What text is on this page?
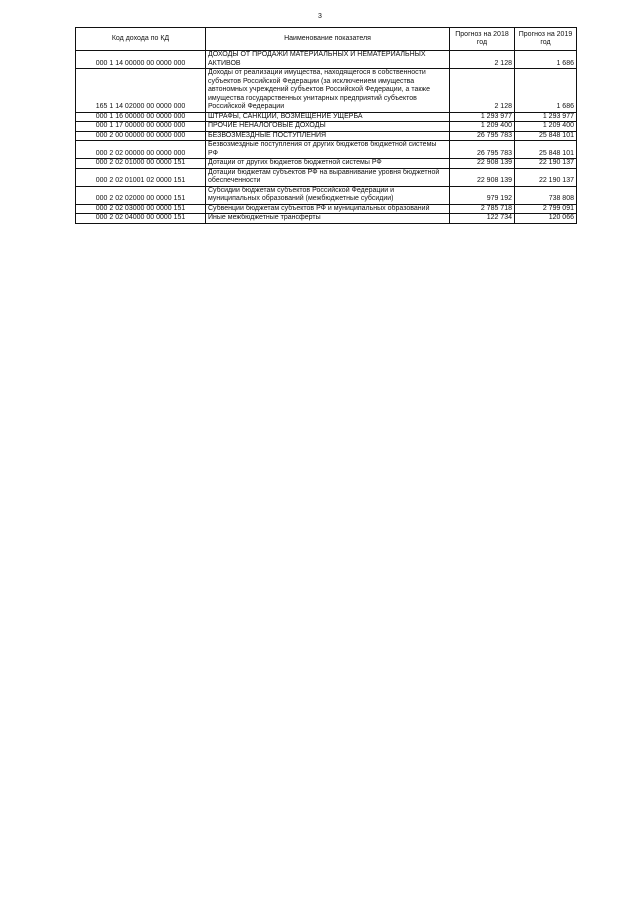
3
Код дохода по КД	Наименование показателя	Прогноз на 2018 год	Прогноз на 2019 год
000 1 14 00000 00 0000 000	ДОХОДЫ ОТ ПРОДАЖИ МАТЕРИАЛЬНЫХ И НЕМАТЕРИАЛЬНЫХ АКТИВОВ	2 128	1 686
165 1 14 02000 00 0000 000	Доходы от реализации имущества, находящегося в собственности субъектов Российской Федерации (за исключением имущества автономных учреждений субъектов Российской Федерации, а также имущества государственных унитарных предприятий субъектов Российской Федерации	2 128	1 686
000 1 16 00000 00 0000 000	ШТРАФЫ, САНКЦИИ, ВОЗМЕЩЕНИЕ УЩЕРБА	1 293 977	1 293 977
000 1 17 00000 00 0000 000	ПРОЧИЕ НЕНАЛОГОВЫЕ ДОХОДЫ	1 209 400	1 209 400
000 2 00 00000 00 0000 000	БЕЗВОЗМЕЗДНЫЕ ПОСТУПЛЕНИЯ	26 795 783	25 848 101
000 2 02 00000 00 0000 000	Безвозмездные поступления от других бюджетов бюджетной системы РФ	26 795 783	25 848 101
000 2 02 01000 00 0000 151	Дотации от других бюджетов бюджетной системы РФ	22 908 139	22 190 137
000 2 02 01001 02 0000 151	Дотации бюджетам субъектов РФ на выравнивание уровня бюджетной обеспеченности	22 908 139	22 190 137
000 2 02 02000 00 0000 151	Субсидии бюджетам субъектов Российской Федерации и муниципальных образований (межбюджетные субсидии)	979 192	738 808
000 2 02 03000 00 0000 151	Субвенции бюджетам субъектов РФ и муниципальных образований	2 785 718	2 799 091
000 2 02 04000 00 0000 151	Иные межбюджетные трансферты	122 734	120 066
